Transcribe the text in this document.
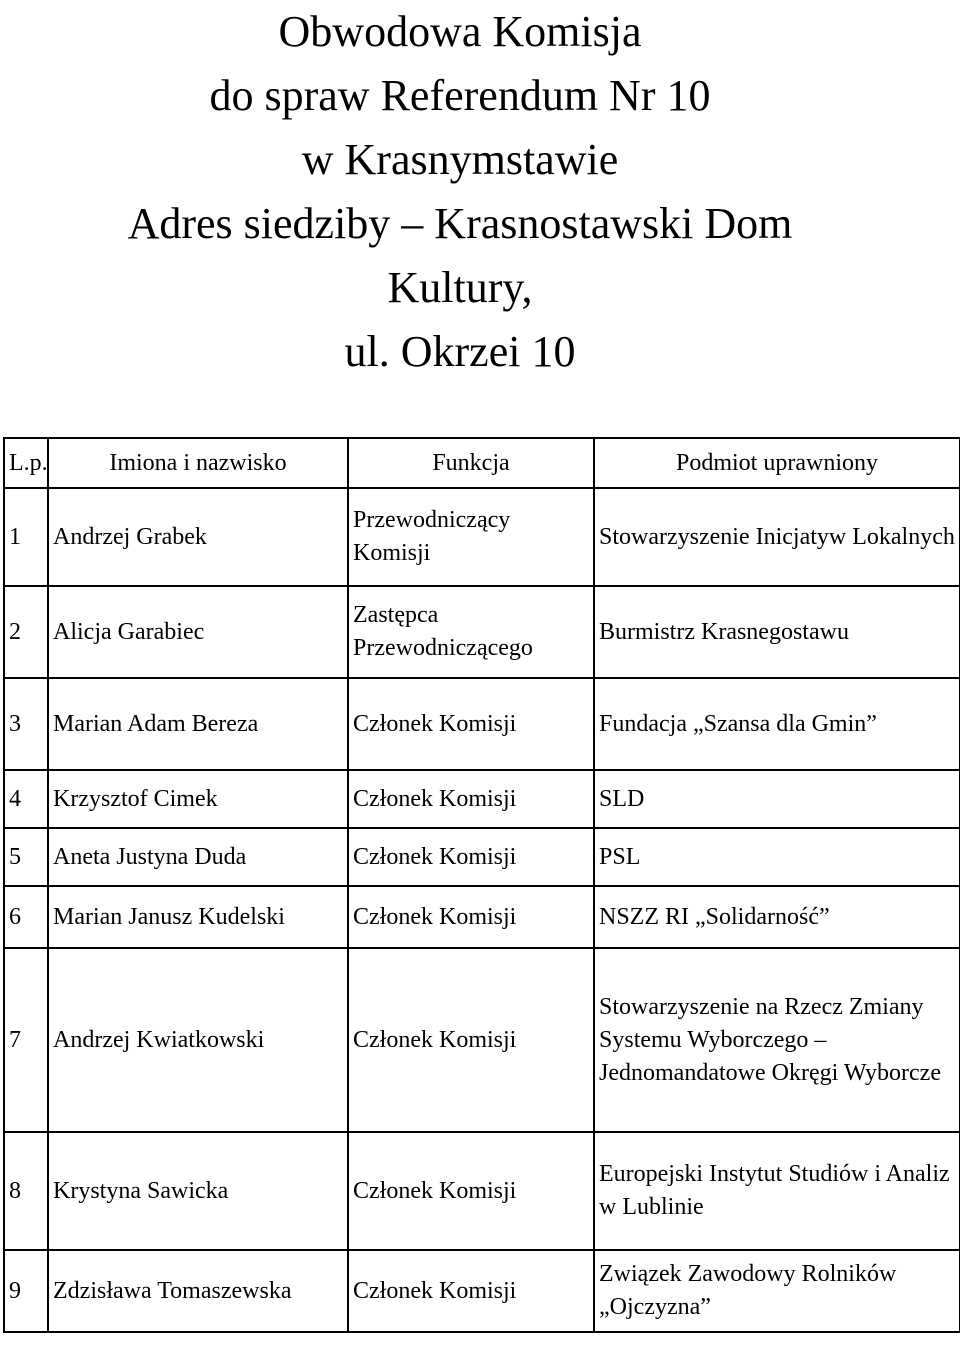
Obwodowa Komisja
do spraw Referendum Nr 10
w Krasnymstawie
Adres siedziby – Krasnostawski Dom
Kultury,
ul. Okrzei 10
L.p.	Imiona i nazwisko	Funkcja	Podmiot uprawniony
1	Andrzej Grabek	Przewodniczący Komisji	Stowarzyszenie Inicjatyw Lokalnych
2	Alicja Garabiec	Zastępca Przewodniczącego	Burmistrz Krasnegostawu
3	Marian Adam Bereza	Członek Komisji	Fundacja „Szansa dla Gmin”
4	Krzysztof Cimek	Członek Komisji	SLD
5	Aneta Justyna Duda	Członek Komisji	PSL
6	Marian Janusz Kudelski	Członek Komisji	NSZZ RI „Solidarność”
7	Andrzej Kwiatkowski	Członek Komisji	Stowarzyszenie na Rzecz Zmiany Systemu Wyborczego – Jednomandatowe Okręgi Wyborcze
8	Krystyna Sawicka	Członek Komisji	Europejski Instytut Studiów i Analiz w Lublinie
9	Zdzisława Tomaszewska	Członek Komisji	Związek Zawodowy Rolników „Ojczyzna”
